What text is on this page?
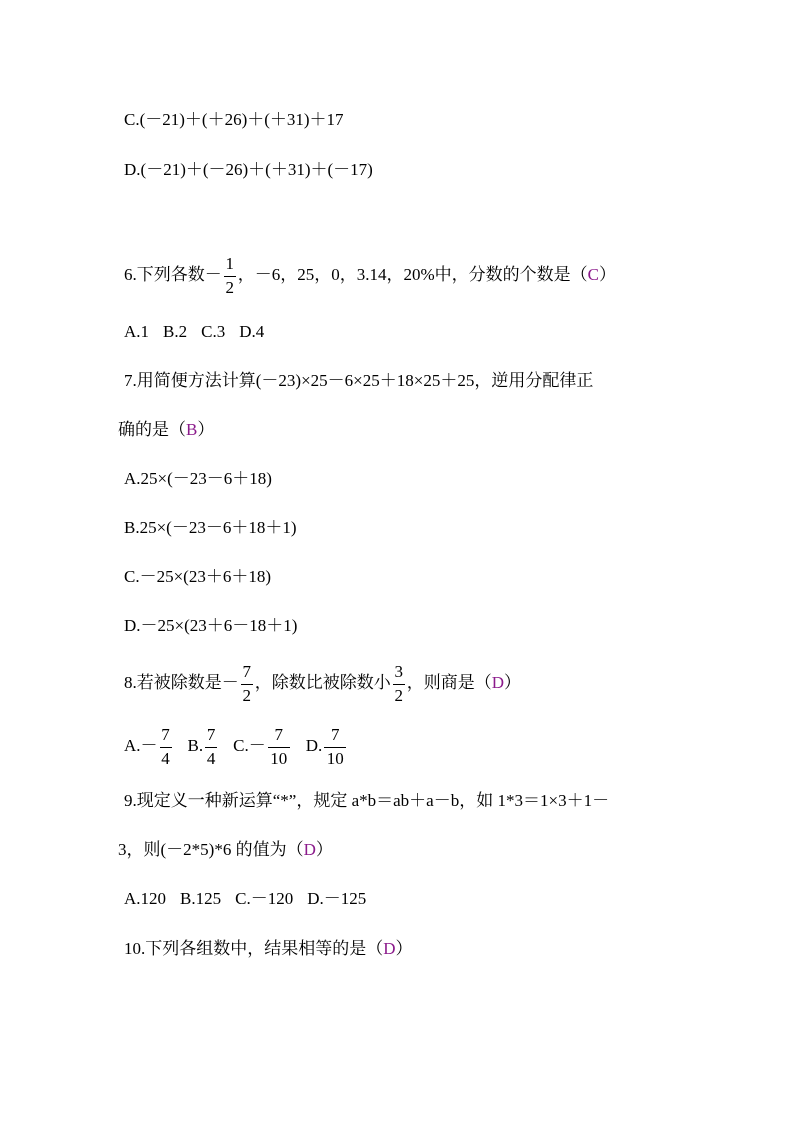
C.(－21)＋(＋26)＋(＋31)＋17
D.(－21)＋(－26)＋(＋31)＋(－17)
6.下列各数－ $\frac{1}{2}$ ，－6，25，0，3.14，20%中，分数的个数是（C）
A.1 B.2 C.3 D.4
7.用简便方法计算(－23)×25－6×25＋18×25＋25，逆用分配律正
确的是（B）
A.25×(－23－6＋18)
B.25×(－23－6＋18＋1)
C.－25×(23＋6＋18)
D.－25×(23＋6－18＋1)
8.若被除数是－ $\frac{7}{2}$ ，除数比被除数小 $\frac{3}{2}$ ，则商是（D）
$A.- \frac{7}{4} B$. $\frac{7}{4} C.- \frac{7}{10} D$. $\frac{7}{10}$
9.现定义一种新运算“*”，规定 a*b＝ab＋a－b，如 1*3＝1×3＋1－
3，则(－2*5)*6 的值为（D）
A.120 B.125 C.－120 D.－125
10.下列各组数中，结果相等的是（D）
